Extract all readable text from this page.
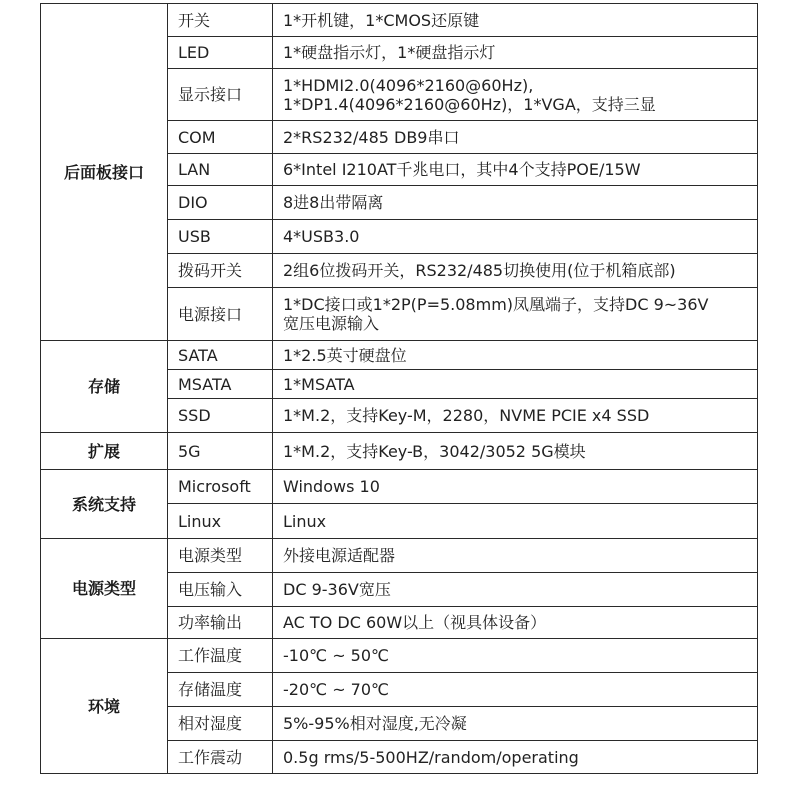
后面板接口	开关	1*开机键，1*CMOS还原键
	LED	1*硬盘指示灯，1*硬盘指示灯
	显示接口	1*HDMI2.0(4096*2160@60Hz),
1*DP1.4(4096*2160@60Hz)，1*VGA，支持三显

	COM	2*RS232/485 DB9串口
	LAN	6*Intel I210AT千兆电口，其中4个支持POE/15W
	DIO	8进8出带隔离
	USB	4*USB3.0
	拨码开关	2组6位拨码开关，RS232/485切换使用(位于机箱底部)
	电源接口	1*DC接口或1*2P(P=5.08mm)凤凰端子，支持DC 9~36V
宽压电源输入

存储	SATA	1*2.5英寸硬盘位
	MSATA	1*MSATA
	SSD	1*M.2，支持Key-M，2280，NVME PCIE x4 SSD
扩展	5G	1*M.2，支持Key-B，3042/3052 5G模块
系统支持	Microsoft	Windows 10
	Linux	Linux
电源类型	电源类型	外接电源适配器
	电压输入	DC 9-36V宽压
	功率输出	AC TO DC 60W以上（视具体设备）
环境	工作温度	-10℃ ~ 50℃
	存储温度	-20℃ ~ 70℃
	相对湿度	5%-95%相对湿度,无冷凝
	工作震动	0.5g rms/5-500HZ/random/operating
